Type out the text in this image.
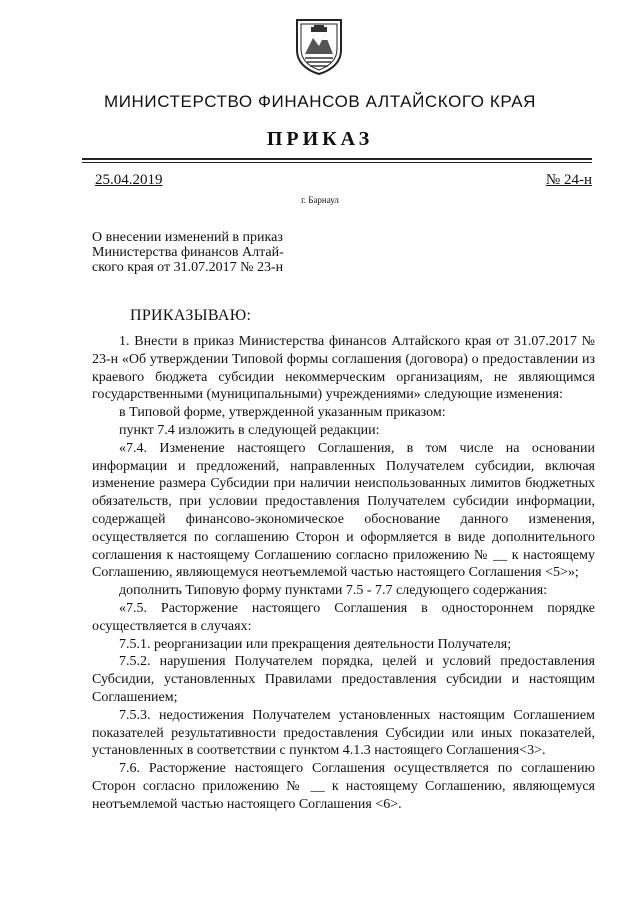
МИНИСТЕРСТВО ФИНАНСОВ АЛТАЙСКОГО КРАЯ
ПРИКАЗ
25.04.2019	№ 24-н
г. Барнаул
О внесении изменений в приказ
Министерства финансов Алтай-
ского края от 31.07.2017 № 23-н
ПРИКАЗЫВАЮ:

1. Внести в приказ Министерства финансов Алтайского края от 31.07.2017 № 23-н «Об утверждении Типовой формы соглашения (договора) о предоставлении из краевого бюджета субсидии некоммерческим организациям, не являющимся государственными (муниципальными) учреждениями» следующие изменения:

в Типовой форме, утвержденной указанным приказом:

пункт 7.4 изложить в следующей редакции:

«7.4. Изменение настоящего Соглашения, в том числе на основании информации и предложений, направленных Получателем субсидии, включая изменение размера Субсидии при наличии неиспользованных лимитов бюджетных обязательств, при условии предоставления Получателем субсидии информации, содержащей финансово-экономическое обоснование данного изменения, осуществляется по соглашению Сторон и оформляется в виде дополнительного соглашения к настоящему Соглашению согласно приложению № __ к настоящему Соглашению, являющемуся неотъемлемой частью настоящего Соглашения <5>»;

дополнить Типовую форму пунктами 7.5 - 7.7 следующего содержания:

«7.5. Расторжение настоящего Соглашения в одностороннем порядке осуществляется в случаях:

7.5.1. реорганизации или прекращения деятельности Получателя;

7.5.2. нарушения Получателем порядка, целей и условий предоставления Субсидии, установленных Правилами предоставления субсидии и настоящим Соглашением;

7.5.3. недостижения Получателем установленных настоящим Соглашением показателей результативности предоставления Субсидии или иных показателей, установленных в соответствии с пунктом 4.1.3 настоящего Соглашения<3>.

7.6. Расторжение настоящего Соглашения осуществляется по соглашению Сторон согласно приложению № __ к настоящему Соглашению, являющемуся неотъемлемой частью настоящего Соглашения <6>.
